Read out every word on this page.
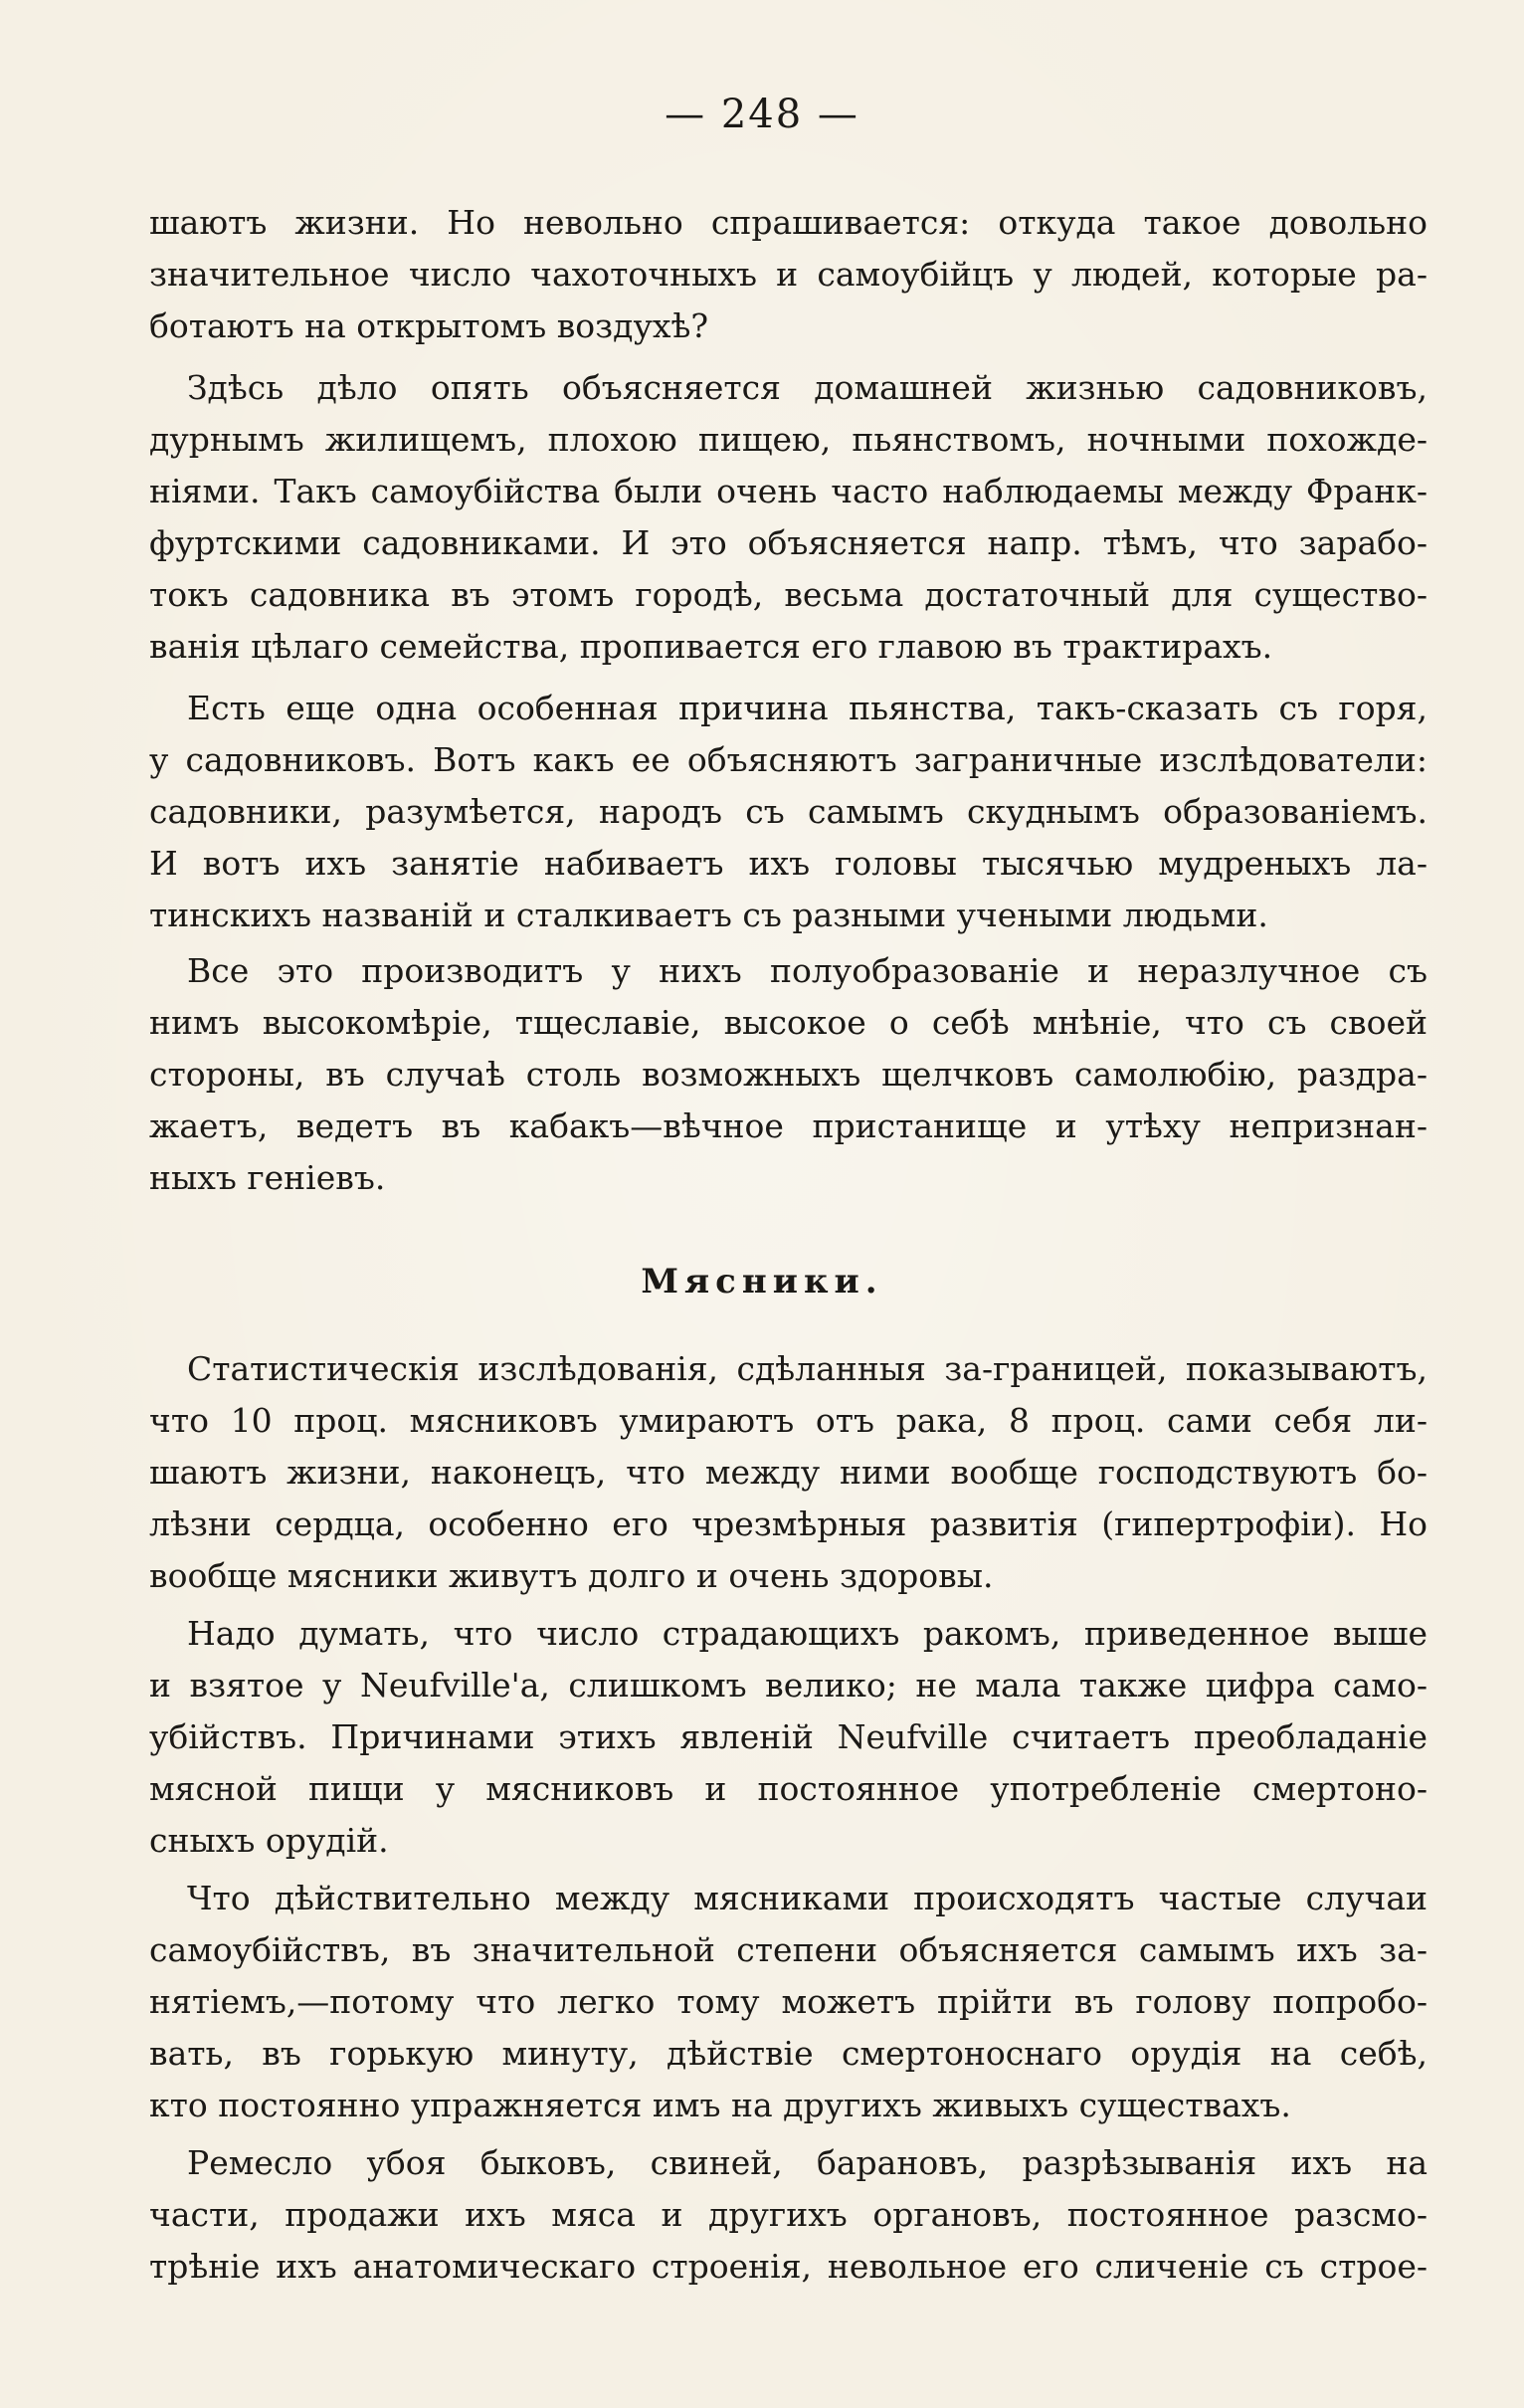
— 248 —
шаютъ жизни. Но невольно спрашивается: откуда такое довольно
значительное число чахоточныхъ и самоубійцъ у людей, которые ра-
ботаютъ на открытомъ воздухѣ?
Здѣсь дѣло опять объясняется домашней жизнью садовниковъ,
дурнымъ жилищемъ, плохою пищею, пьянствомъ, ночными похожде-
ніями. Такъ самоубійства были очень часто наблюдаемы между Франк-
фуртскими садовниками. И это объясняется напр. тѣмъ, что зарабо-
токъ садовника въ этомъ городѣ, весьма достаточный для существо-
ванія цѣлаго семейства, пропивается его главою въ трактирахъ.
Есть еще одна особенная причина пьянства, такъ-сказать съ горя,
у садовниковъ. Вотъ какъ ее объясняютъ заграничные изслѣдователи:
садовники, разумѣется, народъ съ самымъ скуднымъ образованіемъ.
И вотъ ихъ занятіе набиваетъ ихъ головы тысячью мудреныхъ ла-
тинскихъ названій и сталкиваетъ съ разными учеными людьми.
Все это производитъ у нихъ полуобразованіе и неразлучное съ
нимъ высокомѣріе, тщеславіе, высокое о себѣ мнѣніе, что съ своей
стороны, въ случаѣ столь возможныхъ щелчковъ самолюбію, раздра-
жаетъ, ведетъ въ кабакъ—вѣчное пристанище и утѣху непризнан-
ныхъ геніевъ.
Мясники.
Статистическія изслѣдованія, сдѣланныя за-границей, показываютъ,
что 10 проц. мясниковъ умираютъ отъ рака, 8 проц. сами себя ли-
шаютъ жизни, наконецъ, что между ними вообще господствуютъ бо-
лѣзни сердца, особенно его чрезмѣрныя развитія (гипертрофіи). Но
вообще мясники живутъ долго и очень здоровы.
Надо думать, что число страдающихъ ракомъ, приведенное выше
и взятое у Neufville'a, слишкомъ велико; не мала также цифра само-
убійствъ. Причинами этихъ явленій Neufville считаетъ преобладаніе
мясной пищи у мясниковъ и постоянное употребленіе смертоно-
сныхъ орудій.
Что дѣйствительно между мясниками происходятъ частые случаи
самоубійствъ, въ значительной степени объясняется самымъ ихъ за-
нятіемъ,—потому что легко тому можетъ прійти въ голову попробо-
вать, въ горькую минуту, дѣйствіе смертоноснаго орудія на себѣ,
кто постоянно упражняется имъ на другихъ живыхъ существахъ.
Ремесло убоя быковъ, свиней, барановъ, разрѣзыванія ихъ на
части, продажи ихъ мяса и другихъ органовъ, постоянное разсмо-
трѣніе ихъ анатомическаго строенія, невольное его сличеніе съ строе-
